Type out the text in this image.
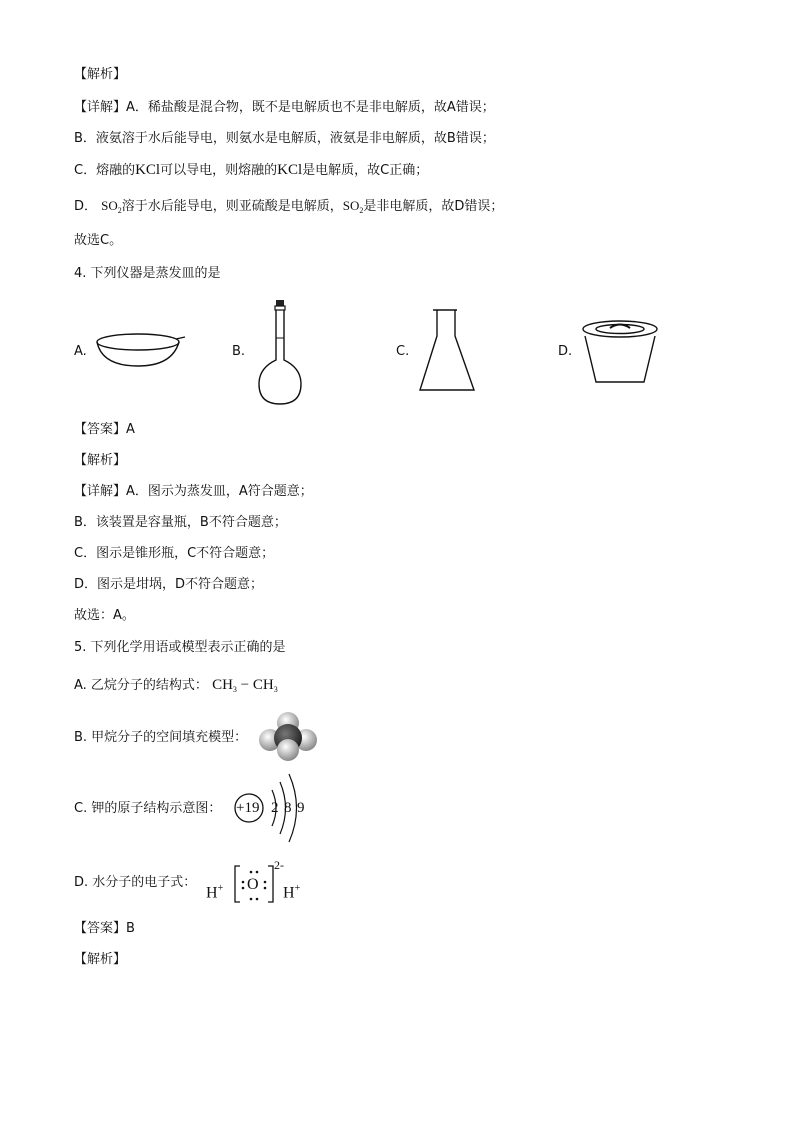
【解析】
【详解】A．稀盐酸是混合物，既不是电解质也不是非电解质，故A错误；
B．液氨溶于水后能导电，则氨水是电解质，液氨是非电解质，故B错误；
C．熔融的KCl可以导电，则熔融的KCl是电解质，故C正确；
D． $SO_2$溶于水后能导电，则亚硫酸是电解质，$SO_2$是非电解质，故D错误；
故选C。
4. 下列仪器是蒸发皿的是
A.	B.	C.	D.
【答案】A
【解析】
【详解】A．图示为蒸发皿，A符合题意；
B．该装置是容量瓶，B不符合题意；
C．图示是锥形瓶，C不符合题意；
D．图示是坩埚，D不符合题意；
故选：A。
5. 下列化学用语或模型表示正确的是
A. 乙烷分子的结构式： $CH_3 - CH_3$
B. 甲烷分子的空间填充模型：
C. 钾的原子结构示意图： +19 2 8 9
D. 水分子的电子式：
H+ O
2-
H+
【答案】B
【解析】
